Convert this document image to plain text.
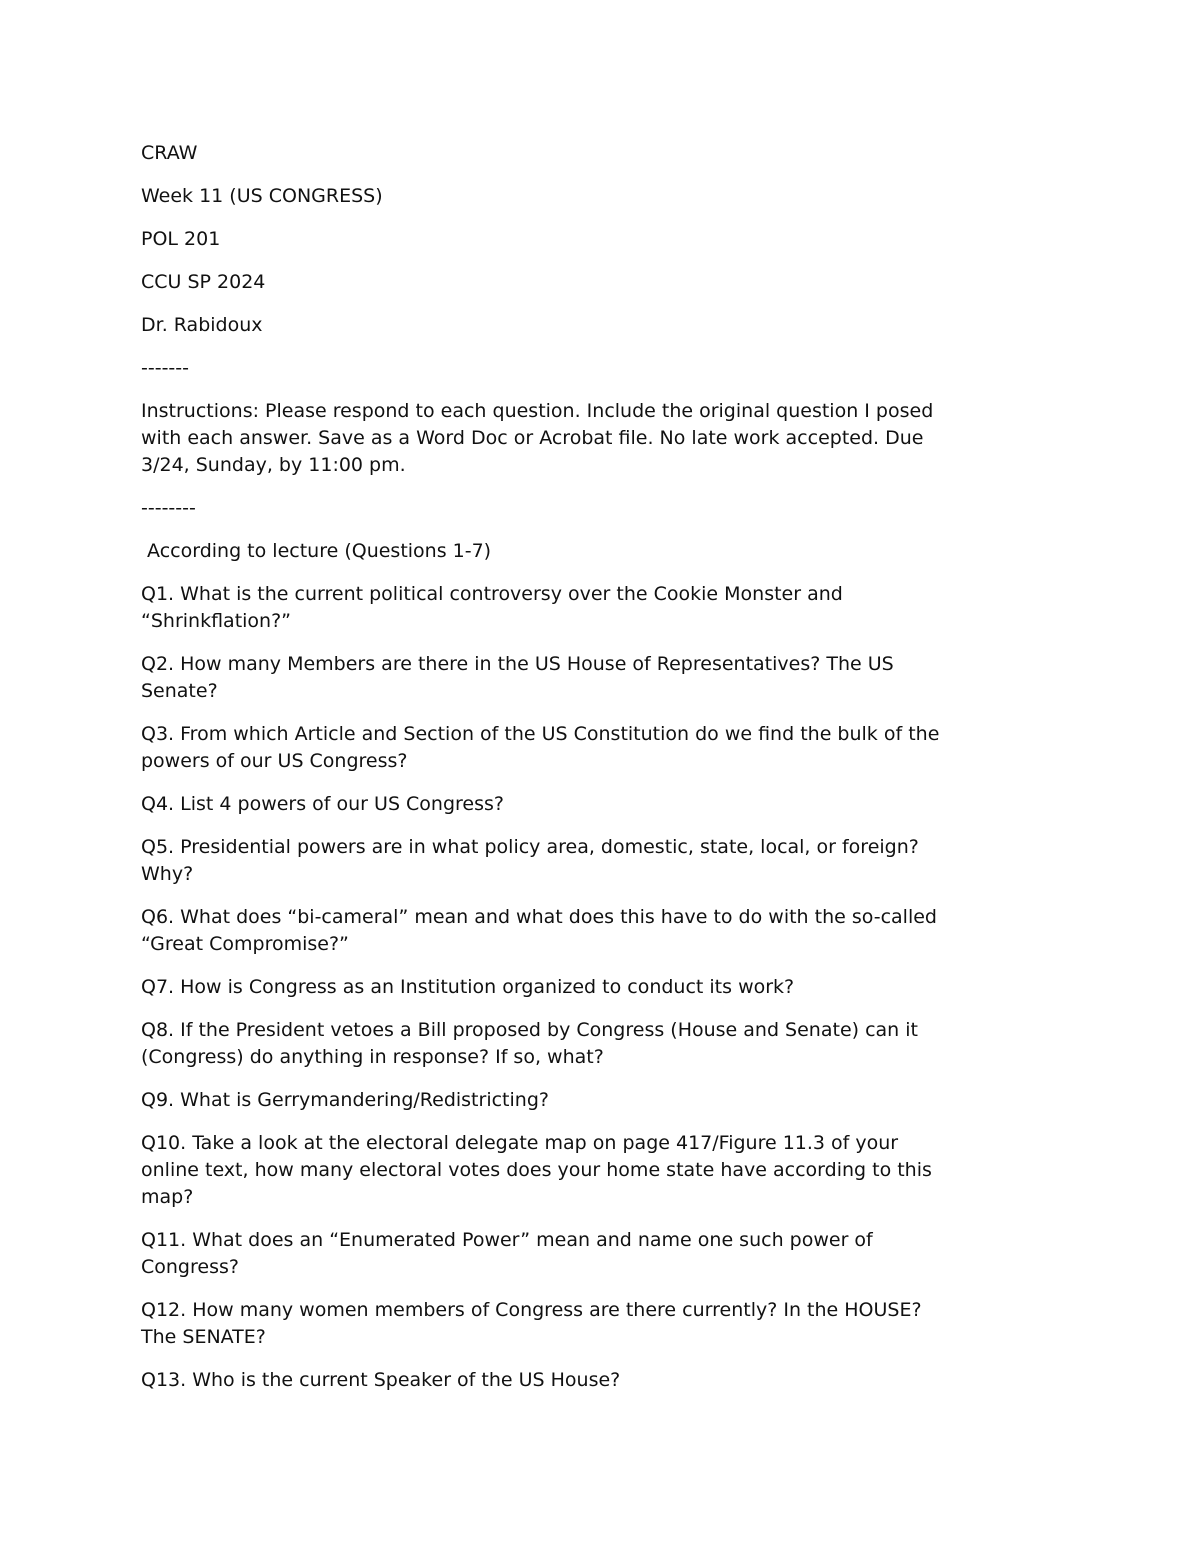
CRAW
Week 11 (US CONGRESS)
POL 201
CCU SP 2024
Dr. Rabidoux
-------
Instructions: Please respond to each question. Include the original question I posed
with each answer. Save as a Word Doc or Acrobat file. No late work accepted. Due
3/24, Sunday, by 11:00 pm.
--------
According to lecture (Questions 1-7)
Q1. What is the current political controversy over the Cookie Monster and
“Shrinkflation?”
Q2. How many Members are there in the US House of Representatives? The US
Senate?
Q3. From which Article and Section of the US Constitution do we find the bulk of the
powers of our US Congress?
Q4. List 4 powers of our US Congress?
Q5. Presidential powers are in what policy area, domestic, state, local, or foreign?
Why?
Q6. What does “bi-cameral” mean and what does this have to do with the so-called
“Great Compromise?”
Q7. How is Congress as an Institution organized to conduct its work?
Q8. If the President vetoes a Bill proposed by Congress (House and Senate) can it
(Congress) do anything in response? If so, what?
Q9. What is Gerrymandering/Redistricting?
Q10. Take a look at the electoral delegate map on page 417/Figure 11.3 of your
online text, how many electoral votes does your home state have according to this
map?
Q11. What does an “Enumerated Power” mean and name one such power of
Congress?
Q12. How many women members of Congress are there currently? In the HOUSE?
The SENATE?
Q13. Who is the current Speaker of the US House?
